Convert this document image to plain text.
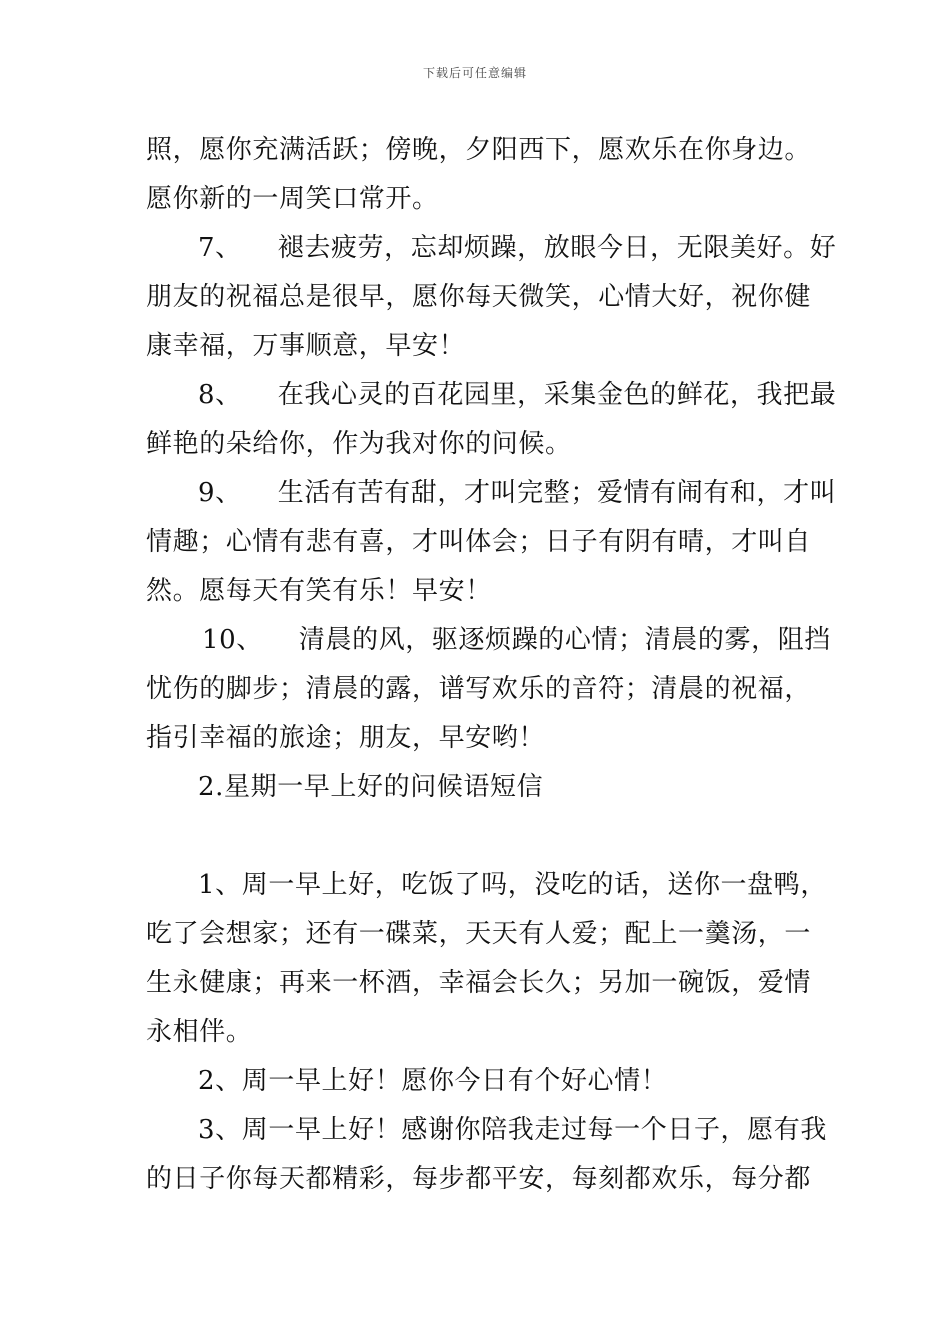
下载后可任意编辑
照，愿你充满活跃；傍晚，夕阳西下，愿欢乐在你身边。
愿你新的一周笑口常开。
7、 褪去疲劳，忘却烦躁，放眼今日，无限美好。好
朋友的祝福总是很早，愿你每天微笑，心情大好，祝你健
康幸福，万事顺意，早安！
8、 在我心灵的百花园里，采集金色的鲜花，我把最
鲜艳的朵给你，作为我对你的问候。
9、 生活有苦有甜，才叫完整；爱情有闹有和，才叫
情趣；心情有悲有喜，才叫体会；日子有阴有晴，才叫自
然。愿每天有笑有乐！早安！
10、 清晨的风，驱逐烦躁的心情；清晨的雾，阻挡
忧伤的脚步；清晨的露，谱写欢乐的音符；清晨的祝福，
指引幸福的旅途；朋友，早安哟！
2.星期一早上好的问候语短信
1、周一早上好，吃饭了吗，没吃的话，送你一盘鸭，
吃了会想家；还有一碟菜，天天有人爱；配上一羹汤，一
生永健康；再来一杯酒，幸福会长久；另加一碗饭，爱情
永相伴。
2、周一早上好！愿你今日有个好心情！
3、周一早上好！感谢你陪我走过每一个日子，愿有我
的日子你每天都精彩，每步都平安，每刻都欢乐，每分都
